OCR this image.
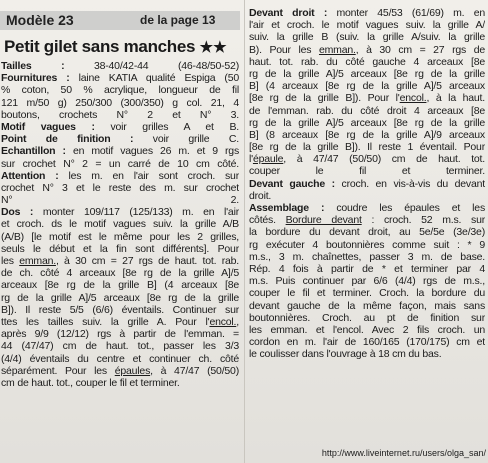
Modèle 23	de la page 13
Petit gilet sans manches ★★
Tailles : 38-40/42-44 (46-48/50-52)
Fournitures : laine KATIA qualité Espiga (50
% coton, 50 % acrylique, longueur de fil
121 m/50 g) 250/300 (300/350) g col. 21, 4
boutons, crochets N° 2 et N° 3.
Motif vagues : voir grilles A et B.
Point de finition : voir grille C.
Echantillon : en motif vagues 26 m. et 9 rgs
sur crochet N° 2 = un carré de 10 cm côté.
Attention : les m. en l'air sont croch. sur
crochet N° 3 et le reste des m. sur crochet
N° 2.
Dos : monter 109/117 (125/133) m. en l'air
et croch. ds le motif vagues suiv. la grille A/B
(A/B) [le motif est le même pour les 2 grilles,
seuls le début et la fin sont différents]. Pour
les emman., à 30 cm = 27 rgs de haut. tot. rab.
de ch. côté 4 arceaux [8e rg de la grille A]/5
arceaux [8e rg de la grille B] (4 arceaux [8e
rg de la grille A]/5 arceaux [8e rg de la grille
B]). Il reste 5/5 (6/6) éventails. Continuer sur
ttes les tailles suiv. la grille A. Pour l'encol.,
après 9/9 (12/12) rgs à partir de l'emman. =
44 (47/47) cm de haut. tot., passer les 3/3
(4/4) éventails du centre et continuer ch. côté
séparément. Pour les épaules, à 47/47 (50/50)
cm de haut. tot., couper le fil et terminer.
Devant droit : monter 45/53 (61/69) m. en
l'air et croch. le motif vagues suiv. la grille A/
suiv. la grille B (suiv. la grille A/suiv. la grille
B). Pour les emman., à 30 cm = 27 rgs de
haut. tot. rab. du côté gauche 4 arceaux [8e
rg de la grille A]/5 arceaux [8e rg de la grille
B] (4 arceaux [8e rg de la grille A]/5 arceaux
[8e rg de la grille B]). Pour l'encol., à la haut.
de l'emman. rab. du côté droit 4 arceaux [8e
rg de la grille A]/5 arceaux [8e rg de la grille
B] (8 arceaux [8e rg de la grille A]/9 arceaux
[8e rg de la grille B]). Il reste 1 éventail. Pour
l'épaule, à 47/47 (50/50) cm de haut. tot.
couper le fil et terminer.
Devant gauche : croch. en vis-à-vis du devant
droit.
Assemblage : coudre les épaules et les
côtés. Bordure devant : croch. 52 m.s. sur
la bordure du devant droit, au 5e/5e (3e/3e)
rg exécuter 4 boutonnières comme suit : * 9
m.s., 3 m. chaînettes, passer 3 m. de base.
Rép. 4 fois à partir de * et terminer par 4
m.s. Puis continuer par 6/6 (4/4) rgs de m.s.,
couper le fil et terminer. Croch. la bordure du
devant gauche de la même façon, mais sans
boutonnières. Croch. au pt de finition sur
les emman. et l'encol. Avec 2 fils croch. un
cordon en m. l'air de 160/165 (170/175) cm et
le coulisser dans l'ouvrage à 18 cm du bas.
http://www.liveinternet.ru/users/olga_san/
